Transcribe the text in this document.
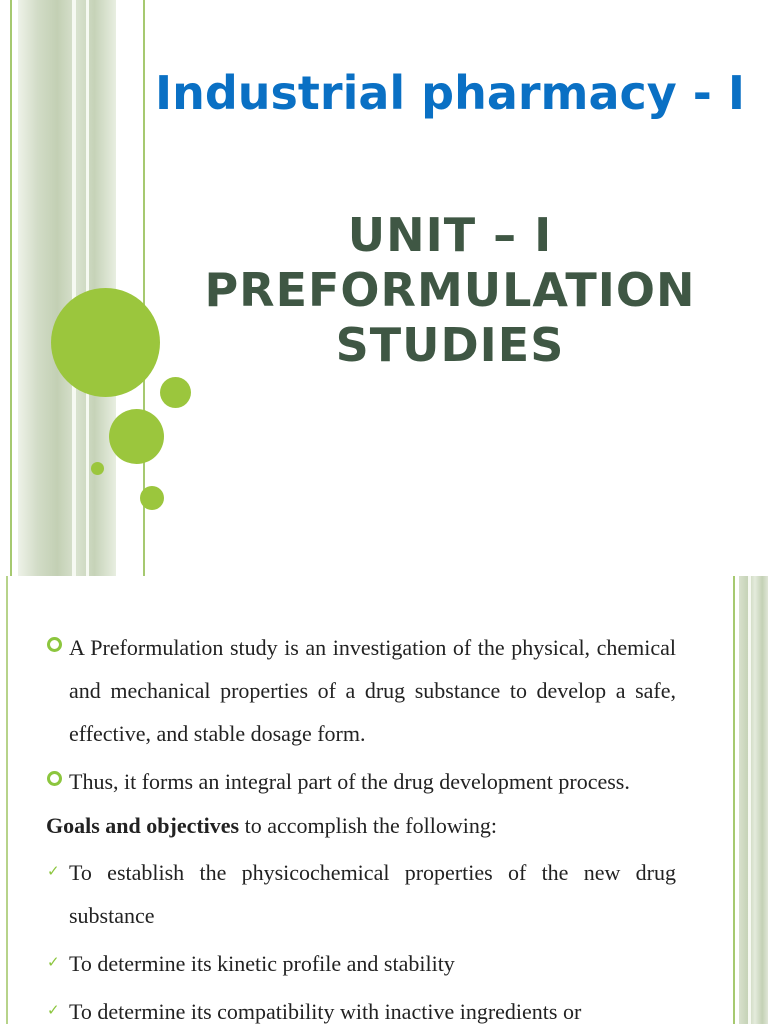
Industrial pharmacy - I
UNIT – I
PREFORMULATION
STUDIES
A Preformulation study is an investigation of the physical, chemical and mechanical properties of a drug substance to develop a safe, effective, and stable dosage form.
Thus, it forms an integral part of the drug development process.
Goals and objectives to accomplish the following:
✓ To establish the physicochemical properties of the new drug substance
✓ To determine its kinetic profile and stability
✓ To determine its compatibility with inactive ingredients or
